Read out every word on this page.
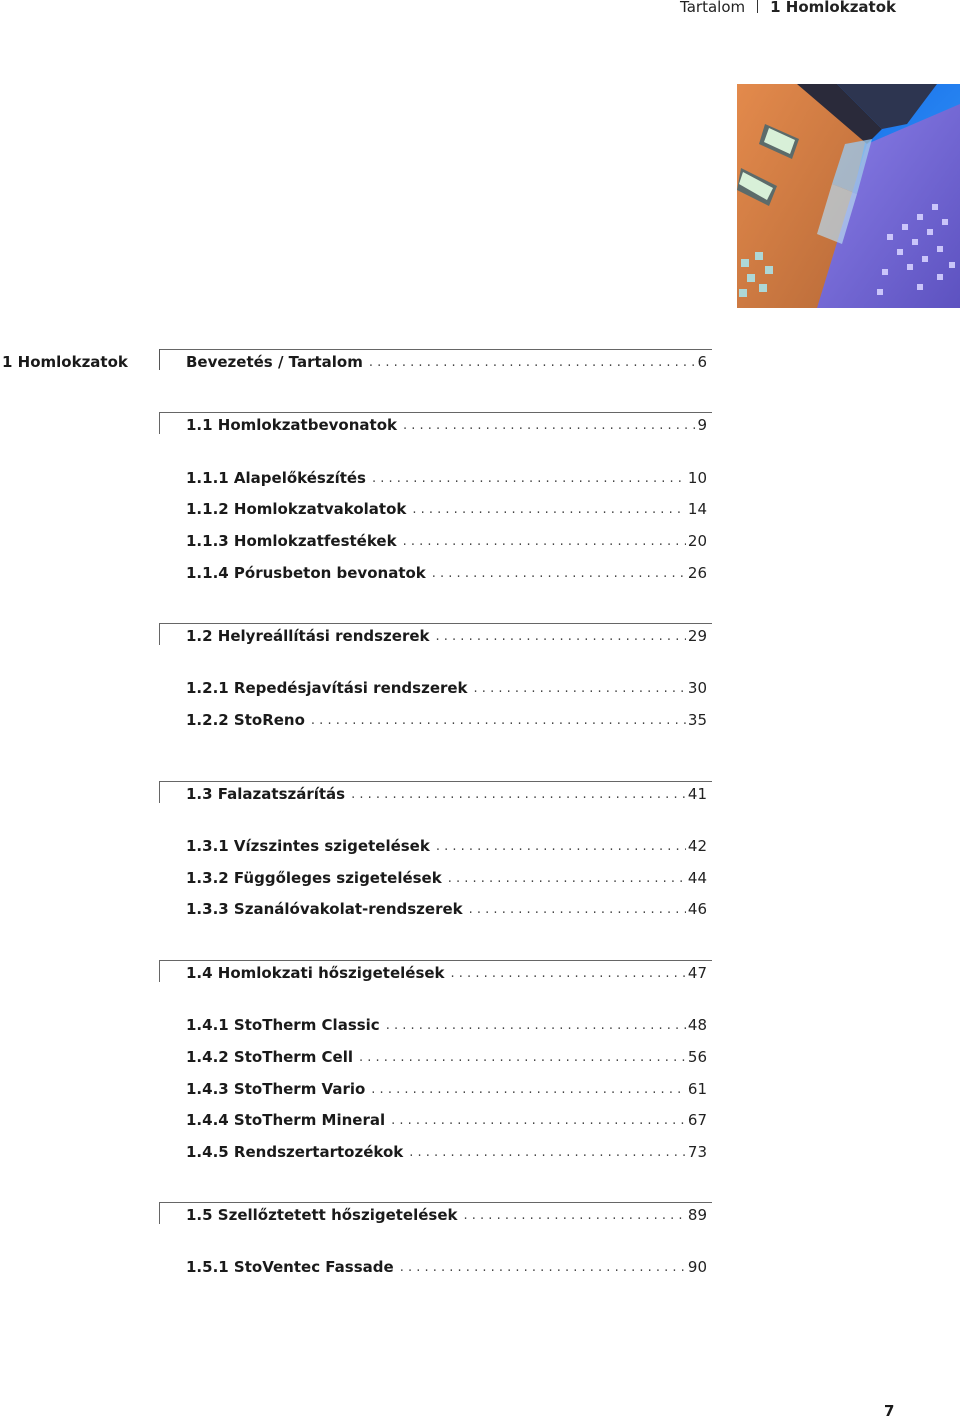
Tartalom 1 Homlokzatok
1 Homlokzatok	Bevezetés / Tartalom . . .	6
1.1 Homlokzatbevonatok . . .	9
1.1.1 Alapelőkészítés . . .	10
1.1.2 Homlokzatvakolatok . . .	14
1.1.3 Homlokzatfestékek . . .	20
1.1.4 Pórusbeton bevonatok . . .	26
1.2 Helyreállítási rendszerek . . .	29
1.2.1 Repedésjavítási rendszerek . . .	30
1.2.2 StoReno . . .	35
1.3 Falazatszárítás . . .	41
1.3.1 Vízszintes szigetelések . . .	42
1.3.2 Függőleges szigetelések . . .	44
1.3.3 Szanálóvakolat-rendszerek . . .	46
1.4 Homlokzati hőszigetelések . . .	47
1.4.1 StoTherm Classic . . .	48
1.4.2 StoTherm Cell . . .	56
1.4.3 StoTherm Vario . . .	61
1.4.4 StoTherm Mineral . . .	67
1.4.5 Rendszertartozékok . . .	73
1.5 Szellőztetett hőszigetelések . . .	89
1.5.1 StoVentec Fassade . . .	90
7
